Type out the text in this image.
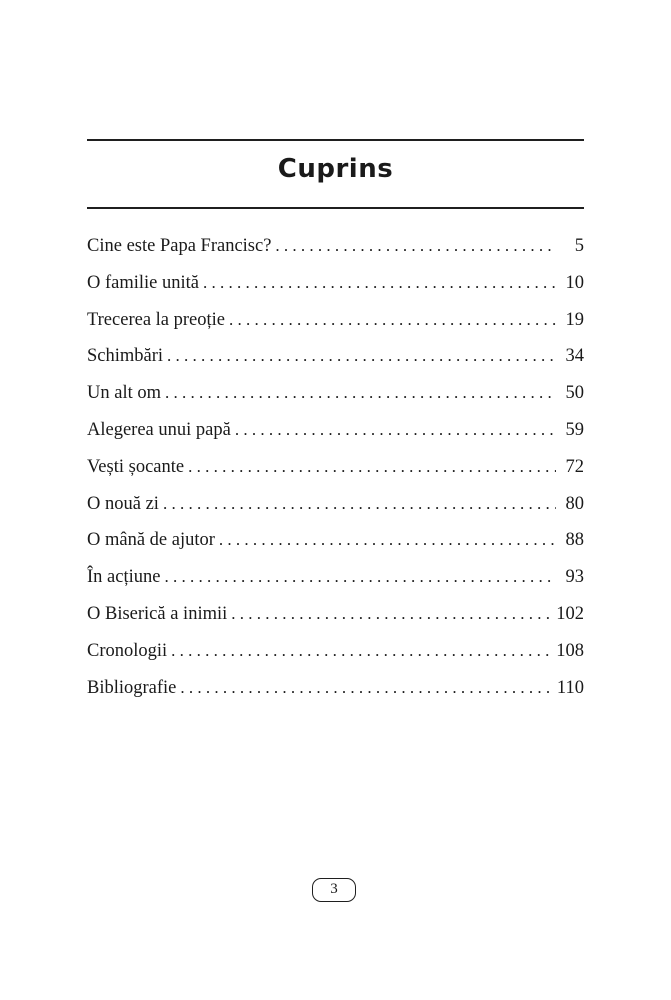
Cuprins
Cine este Papa Francisc? . . .	5
O familie unită . . .	10
Trecerea la preoție . . .	19
Schimbări . . .	34
Un alt om . . .	50
Alegerea unui papă . . .	59
Vești șocante . . .	72
O nouă zi . . .	80
O mână de ajutor . . .	88
În acțiune . . .	93
O Biserică a inimii . . .	102
Cronologii . . .	108
Bibliografie . . .	110
3
